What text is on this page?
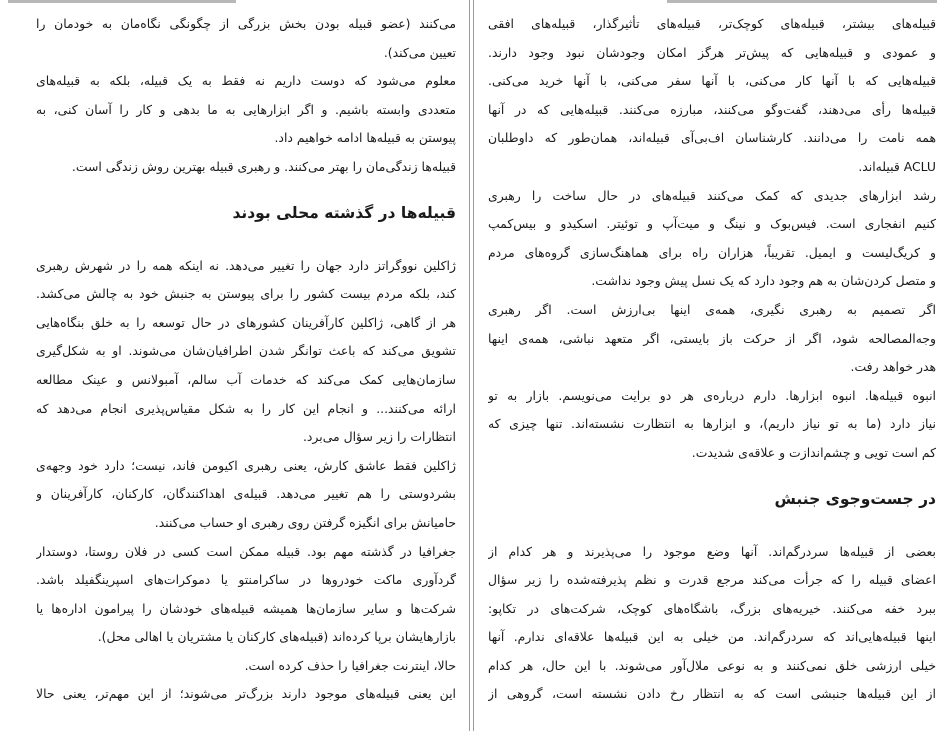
می‌کنند (عضو قبیله بودن بخش بزرگی از چگونگی نگاه‌مان به خودمان را
تعیین می‌کند).
معلوم می‌شود که دوست داریم نه فقط به یک قبیله، بلکه به قبیله‌های
متعددی وابسته باشیم. و اگر ابزارهایی به ما بدهی و کار را آسان کنی، به
پیوستن به قبیله‌ها ادامه خواهیم داد.
قبیله‌ها زندگی‌مان را بهتر می‌کنند. و رهبری قبیله بهترین روش زندگی است.
قبیله‌ها در گذشته محلی بودند
ژاکلین نووگراتز دارد جهان را تغییر می‌دهد. نه اینکه همه را در شهرش رهبری
کند، بلکه مردم بیست کشور را برای پیوستن به جنبش خود به چالش می‌کشد.
هر از گاهی، ژاکلین کارآفرینان کشورهای در حال توسعه را به خلق بنگاه‌هایی
تشویق می‌کند که باعث توانگر شدن اطرافیان‌شان می‌شوند. او به شکل‌گیری
سازمان‌هایی کمک می‌کند که خدمات آب سالم، آمبولانس و عینک مطالعه
ارائه می‌کنند... و انجام این کار را به شکل مقیاس‌پذیری انجام می‌دهد که
انتظارات را زیر سؤال می‌برد.
ژاکلین فقط عاشق کارش، یعنی رهبری اکیومن فاند، نیست؛ دارد خود وجهه‌ی
بشردوستی را هم تغییر می‌دهد. قبیله‌ی اهداکنندگان، کارکنان، کارآفرینان و
حامیانش برای انگیزه گرفتن روی رهبری او حساب می‌کنند.
جغرافیا در گذشته مهم بود. قبیله ممکن است کسی در فلان روستا، دوستدار
گردآوری ماکت خودروها در ساکرامنتو یا دموکرات‌های اسپرینگفیلد باشد.
شرکت‌ها و سایر سازمان‌ها همیشه قبیله‌های خودشان را پیرامون اداره‌ها یا
بازارهایشان برپا کرده‌اند (قبیله‌های کارکنان یا مشتریان یا اهالی محل).
حالا، اینترنت جغرافیا را حذف کرده است.
این یعنی قبیله‌های موجود دارند بزرگ‌تر می‌شوند؛ از این مهم‌تر، یعنی حالا
قبیله‌های بیشتر، قبیله‌های کوچک‌تر، قبیله‌های تأثیرگذار، قبیله‌های افقی
و عمودی و قبیله‌هایی که پیش‌تر هرگز امکان وجودشان نبود وجود دارند.
قبیله‌هایی که با آنها کار می‌کنی، با آنها سفر می‌کنی، با آنها خرید می‌کنی.
قبیله‌ها رأی می‌دهند، گفت‌وگو می‌کنند، مبارزه می‌کنند. قبیله‌هایی که در آنها
همه نامت را می‌دانند. کارشناسان اف‌بی‌آی قبیله‌اند، همان‌طور که داوطلبان
ACLU قبیله‌اند.
رشد ابزارهای جدیدی که کمک می‌کنند قبیله‌های در حال ساخت را رهبری
کنیم انفجاری است. فیس‌بوک و نینگ و میت‌آپ و توئیتر. اسکیدو و بیس‌کمپ
و کریگ‌لیست و ایمیل. تقریباً، هزاران راه برای هماهنگ‌سازی گروه‌های مردم
و متصل کردن‌شان به هم وجود دارد که یک نسل پیش وجود نداشت.
اگر تصمیم به رهبری نگیری، همه‌ی اینها بی‌ارزش است. اگر رهبری
وجه‌المصالحه شود، اگر از حرکت باز بایستی، اگر متعهد نباشی، همه‌ی اینها
هدر خواهد رفت.
انبوه قبیله‌ها. انبوه ابزارها. دارم درباره‌ی هر دو برایت می‌نویسم. بازار به تو
نیاز دارد (ما به تو نیاز داریم)، و ابزارها به انتظارت نشسته‌اند. تنها چیزی که
کم است تویی و چشم‌اندازت و علاقه‌ی شدیدت.
در جست‌وجوی جنبش
بعضی از قبیله‌ها سردرگم‌اند. آنها وضع موجود را می‌پذیرند و هر کدام از
اعضای قبیله را که جرأت می‌کند مرجع قدرت و نظم پذیرفته‌شده را زیر سؤال
ببرد خفه می‌کنند. خیریه‌های بزرگ، باشگاه‌های کوچک، شرکت‌های در تکاپو:
اینها قبیله‌هایی‌اند که سردرگم‌اند. من خیلی به این قبیله‌ها علاقه‌ای ندارم. آنها
خیلی ارزشی خلق نمی‌کنند و به نوعی ملال‌آور می‌شوند. با این حال، هر کدام
از این قبیله‌ها جنبشی است که به انتظار رخ دادن نشسته است، گروهی از
